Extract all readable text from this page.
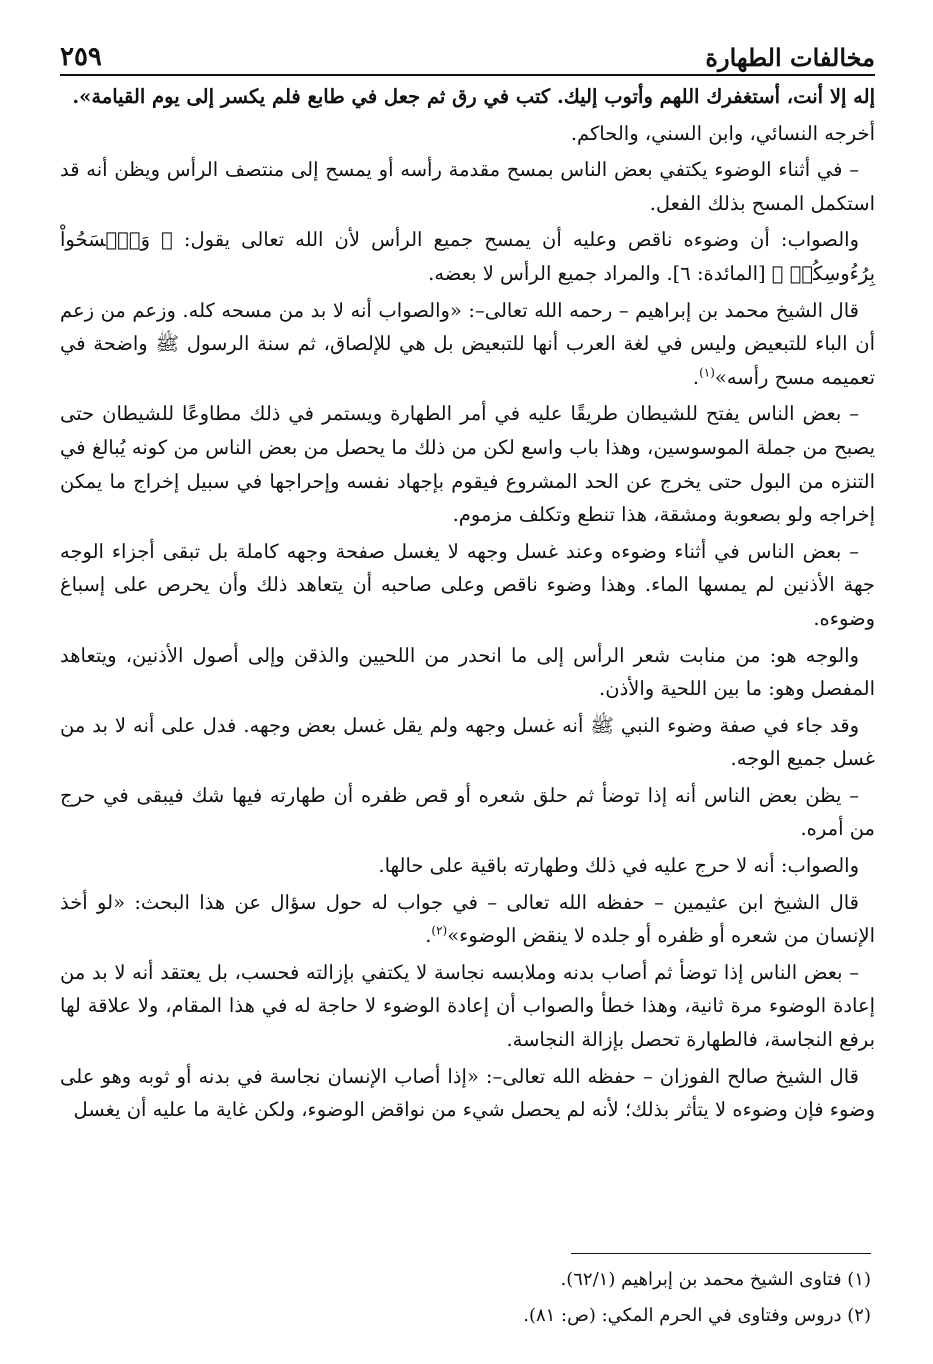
مخالفات الطهارة
٢٥٩

إله إلا أنت، أستغفرك اللهم وأتوب إليك. كتب في رق ثم جعل في طابع فلم يكسر إلى يوم القيامة».

أخرجه النسائي، وابن السني، والحاكم.

– في أثناء الوضوء يكتفي بعض الناس بمسح مقدمة رأسه أو يمسح إلى منتصف الرأس ويظن أنه قد استكمل المسح بذلك الفعل.

والصواب: أن وضوءه ناقص وعليه أن يمسح جميع الرأس لأن الله تعالى يقول: ﴿ وَٱمۡسَحُواْ بِرُءُوسِكُمۡ ﴾ [المائدة: ٦]. والمراد جميع الرأس لا بعضه.

قال الشيخ محمد بن إبراهيم – رحمه الله تعالى–: «والصواب أنه لا بد من مسحه كله. وزعم من زعم أن الباء للتبعيض وليس في لغة العرب أنها للتبعيض بل هي للإلصاق، ثم سنة الرسول ﷺ واضحة في تعميمه مسح رأسه»$^{(١)}$.

– بعض الناس يفتح للشيطان طريقًا عليه في أمر الطهارة ويستمر في ذلك مطاوعًا للشيطان حتى يصبح من جملة الموسوسين، وهذا باب واسع لكن من ذلك ما يحصل من بعض الناس من كونه يُبالغ في التنزه من البول حتى يخرج عن الحد المشروع فيقوم بإجهاد نفسه وإحراجها في سبيل إخراج ما يمكن إخراجه ولو بصعوبة ومشقة، هذا تنطع وتكلف مزموم.

– بعض الناس في أثناء وضوءه وعند غسل وجهه لا يغسل صفحة وجهه كاملة بل تبقى أجزاء الوجه جهة الأذنين لم يمسها الماء. وهذا وضوء ناقص وعلى صاحبه أن يتعاهد ذلك وأن يحرص على إسباغ وضوءه.

والوجه هو: من منابت شعر الرأس إلى ما انحدر من اللحيين والذقن وإلى أصول الأذنين، ويتعاهد المفصل وهو: ما بين اللحية والأذن.

وقد جاء في صفة وضوء النبي ﷺ أنه غسل وجهه ولم يقل غسل بعض وجهه. فدل على أنه لا بد من غسل جميع الوجه.

– يظن بعض الناس أنه إذا توضأ ثم حلق شعره أو قص ظفره أن طهارته فيها شك فيبقى في حرج من أمره.

والصواب: أنه لا حرج عليه في ذلك وطهارته باقية على حالها.

قال الشيخ ابن عثيمين – حفظه الله تعالى – في جواب له حول سؤال عن هذا البحث: «لو أخذ الإنسان من شعره أو ظفره أو جلده لا ينقض الوضوء»$^{(٢)}$.

– بعض الناس إذا توضأ ثم أصاب بدنه وملابسه نجاسة لا يكتفي بإزالته فحسب، بل يعتقد أنه لا بد من إعادة الوضوء مرة ثانية، وهذا خطأ والصواب أن إعادة الوضوء لا حاجة له في هذا المقام، ولا علاقة لها برفع النجاسة، فالطهارة تحصل بإزالة النجاسة.

قال الشيخ صالح الفوزان – حفظه الله تعالى–: «إذا أصاب الإنسان نجاسة في بدنه أو ثوبه وهو على وضوء فإن وضوءه لا يتأثر بذلك؛ لأنه لم يحصل شيء من نواقض الوضوء، ولكن غاية ما عليه أن يغسل

(١) فتاوى الشيخ محمد بن إبراهيم (٦٢/١).

(٢) دروس وفتاوى في الحرم المكي: (ص: ٨١).
